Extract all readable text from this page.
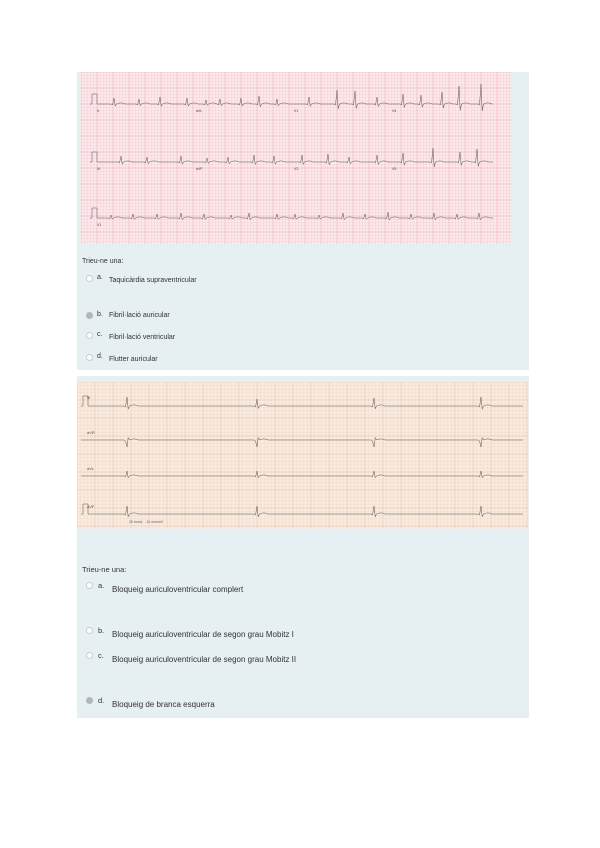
II	aVL	V1	V4
III	aVF	V2	V5
V1
Trieu-ne una:
a. Taquicàrdia supraventricular
b. Fibril·lació auricular
c. Fibril·lació ventricular
d. Flutter auricular
III
aVR
aVL
aVF
25 mm/s    10 mm/mV
Trieu-ne una:
a. Bloqueig auriculoventricular complert
b. Bloqueig auriculoventricular de segon grau Mobitz I
c.	Bloqueig auriculoventricular de segon grau Mobitz II
d. Bloqueig de branca esquerra
